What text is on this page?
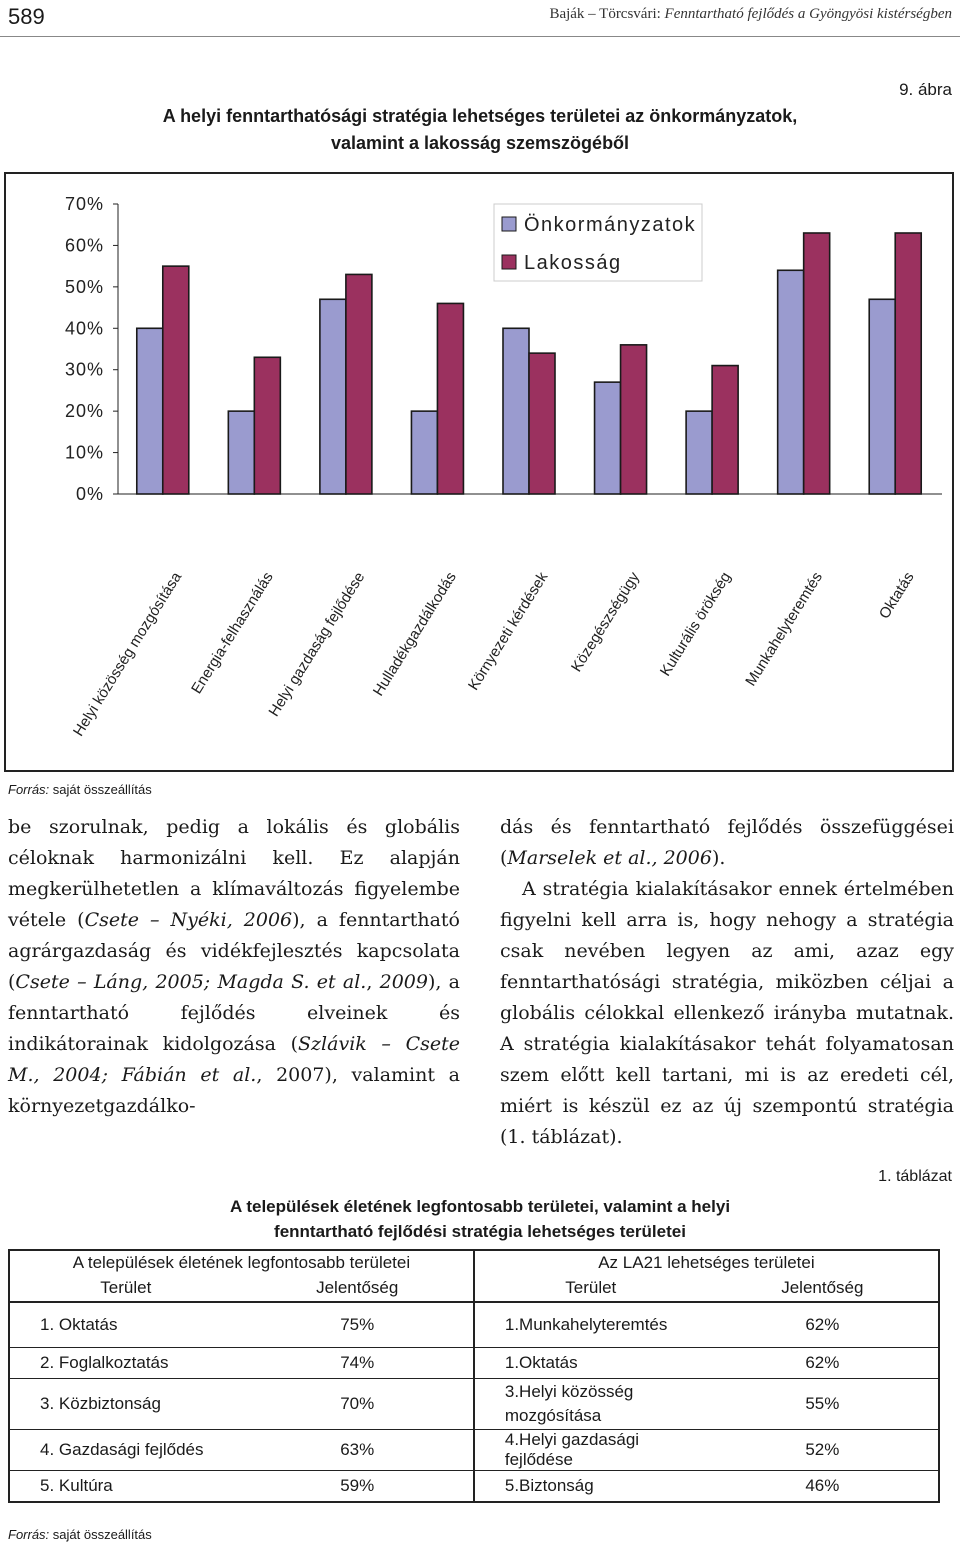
589	Baják – Törcsvári: Fenntartható fejlődés a Gyöngyösi kistérségben
9. ábra
A helyi fenntarthatósági stratégia lehetséges területei az önkormányzatok,
valamint a lakosság szemszögéből
0%
10%
20%
30%
40%
50%
60%
70%
Helyi közösség mozgósítása Energia-felhasználás
Helyi gazdaság fejlődése Hulladékgazdálkodás Környezeti kérdések Közegészségügy Kulturális örökség Munkahelyteremtés	Oktatás
Önkormányzatok
Lakosság
Forrás: saját összeállítás

be szorulnak, pedig a lokális és globális céloknak harmonizálni kell. Ez alapján megkerülhetetlen a klímaváltozás figyelembe vétele (Csete – Nyéki, 2006), a fenntartható agrárgazdaság és vidékfejlesztés kapcsolata (Csete – Láng, 2005; Magda S. et al., 2009), a fenntartható fejlődés elveinek és indikátorainak kidolgozása (Szlávik – Csete M., 2004; Fábián et al., 2007), valamint a környezetgazdálko-

dás és fenntartható fejlődés összefüggései (Marselek et al., 2006).

A stratégia kialakításakor ennek értelmében figyelni kell arra is, hogy nehogy a stratégia csak nevében legyen az ami, azaz egy fenntarthatósági stratégia, miközben céljai a globális célokkal ellenkező irányba mutatnak. A stratégia kialakításakor tehát folyamatosan szem előtt kell tartani, mi is az eredeti cél, miért is készül ez az új szempontú stratégia (1. táblázat).

1. táblázat
A települések életének legfontosabb területei, valamint a helyi
fenntartható fejlődési stratégia lehetséges területei
A települések életének legfontosabb területei		Az LA21 lehetséges területei	
Terület	Jelentőség	Terület	Jelentőség
1. Oktatás	75%	1.Munkahelyteremtés	62%
2. Foglalkoztatás	74%	1.Oktatás	62%
3. Közbiztonság	70%	3.Helyi közösség mozgósítása	55%
4. Gazdasági fejlődés	63%	4.Helyi gazdasági fejlődése	52%
5. Kultúra	59%	5.Biztonság	46%
Forrás: saját összeállítás
